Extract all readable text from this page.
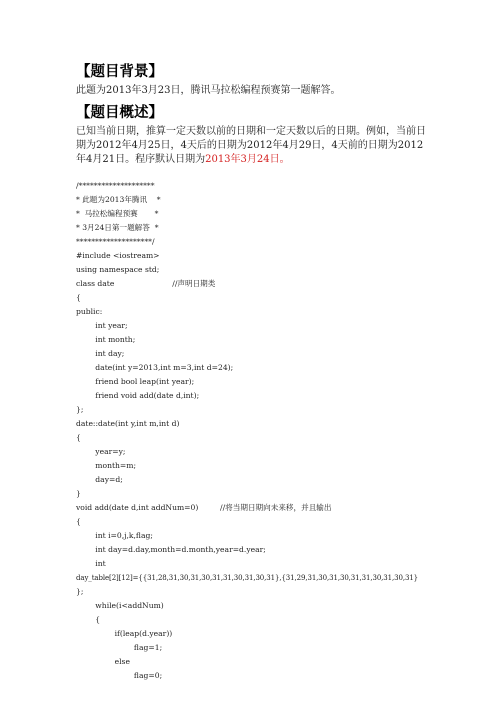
【题目背景】
此题为2013年3月23日，腾讯马拉松编程预赛第一题解答。
【题目概述】
已知当前日期，推算一定天数以前的日期和一定天数以后的日期。例如，当前日
期为2012年4月25日，4天后的日期为2012年4月29日，4天前的日期为2012
年4月21日。程序默认日期为2013年3月24日。
/********************
* 此题为2013年腾讯    *
*  马拉松编程预赛       *
* 3月24日第一题解答  *
********************/
#include <iostream>
using namespace std;
class date                        //声明日期类
{
public:
int year;
int month;
int day;
date(int y=2013,int m=3,int d=24);
friend bool leap(int year);
friend void add(date d,int);
};
date::date(int y,int m,int d)
{
year=y;
month=m;
day=d;
}
void add(date d,int addNum=0)         //将当期日期向未来移，并且输出
{
int i=0,j,k,flag;
int day=d.day,month=d.month,year=d.year;
int
day_table[2][12]={{31,28,31,30,31,30,31,31,30,31,30,31},{31,29,31,30,31,30,31,31,30,31,30,31}
};
while(i<addNum)
{
if(leap(d.year))
flag=1;
else
flag=0;
